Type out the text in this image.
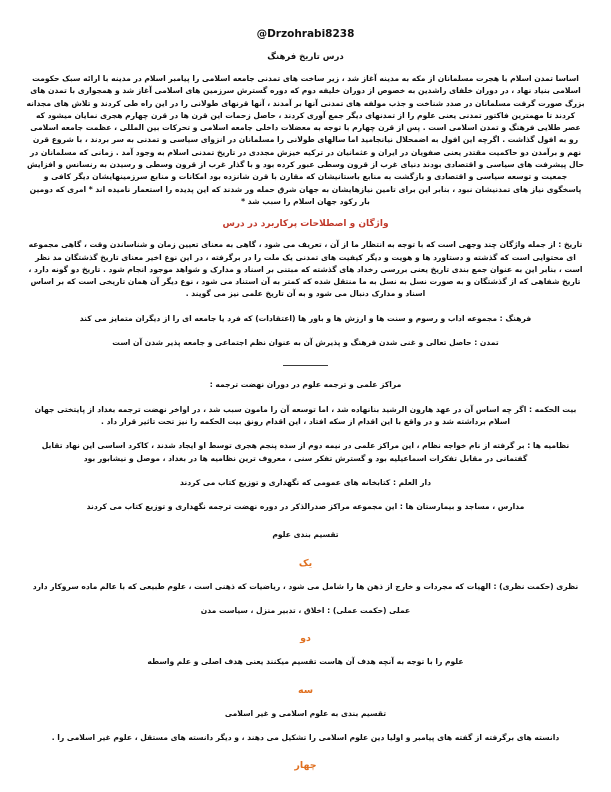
@Drzohrabi8238
درس تاریخ فرهنگ

اساسا تمدن اسلام با هجرت مسلمانان از مکه به مدینه آغاز شد ، زیر ساخت های تمدنی جامعه اسلامی را پیامبر اسلام در مدینه با ارائه سبک حکومت اسلامی بنیاد نهاد ، در دوران خلفای راشدین به خصوص از دوران خلیفه دوم که دوره گسترش سرزمین های اسلامی آغاز شد و همجواری با تمدن های بزرگ صورت گرفت مسلمانان در صدد شناخت و جذب مولفه های تمدنی آنها بر آمدند ، آنها قرنهای طولانی را در این راه طی کردند و تلاش های مجدانه کردند تا مهمترین فاکتور تمدنی یعنی علوم را از تمدنهای دیگر جمع آوری کردند ، حاصل زحمات این قرن ها در قرن چهارم هجری نمایان میشود که عصر طلایی فرهنگ و تمدن اسلامی است . پس از قرن چهارم با توجه به معضلات داخلی جامعه اسلامی و تحرکات بین المللی ، عظمت جامعه اسلامی رو به افول گذاشت . اگرچه این افول به اضمحلال نیانجامید اما سالهای طولانی را مسلمانان در انزوای سیاسی و تمدنی به سر بردند ، با شروع قرن نهم و برآمدن دو حاکمیت مقتدر یعنی صفویان در ایران و عثمانیان در ترکیه خیزش مجددی در تاریخ تمدنی اسلام به وجود آمد . زمانی که مسلمانان در حال پیشرفت های سیاسی و اقتصادی بودند دنیای غرب از قرون وسطی عبور کرده بود و با گذار غرب از قرون وسطی و رسیدن به رنسانس و افزایش جمعیت و توسعه سیاسی و اقتصادی و بازگشت به منابع باستانیشان که مقارن با قرن شانزده بود امکانات و منابع سرزمینهایشان دیگر کافی و پاسخگوی نیاز های تمدنیشان نبود ، بنابر این برای تامین نیازهایشان به جهان شرق حمله ور شدند که این پدیده را استعمار نامیده اند * امری که دومین بار رکود جهان اسلام را سبب شد *

واژگان و اصطلاحات پرکاربرد در درس

تاریخ : از جمله واژگان چند وجهی است که با توجه به انتظار ما از آن ، تعریف می شود ، گاهی به معنای تعیین زمان و شناساندن وقت ، گاهی مجموعه ای محتوایی است که گذشته و دستاورد ها و هویت و دیگر کیفیت های تمدنی یک ملت را در برگرفته ، در این نوع اخیر معنای تاریخ گذشتگان مد نظر است ، بنابر این به عنوان جمع بندی تاریخ یعنی بررسی رخداد های گذشته که مبتنی بر اسناد و مدارک و شواهد موجود انجام شود . تاریخ دو گونه دارد ، تاریخ شفاهی که از گذشتگان و به صورت نسل به نسل به ما منتقل شده که کمتر به آن استناد می شود ، نوع دیگر آن همان تاریخی است که بر اساس اسناد و مدارک دنبال می شود و به آن تاریخ علمی نیز می گویند .

فرهنگ : مجموعه اداب و رسوم و سنت ها و ارزش ها و باور ها (اعتقادات) که فرد یا جامعه ای را از دیگران متمایز می کند

تمدن : حاصل تعالی و غنی شدن فرهنگ و پذیرش آن به عنوان نظم اجتماعی و جامعه پذیر شدن آن است

__________

مراکز علمی و ترجمه علوم در دوران نهضت ترجمه :

بیت الحکمه : اگر چه اساس آن در عهد هارون الرشید بنانهاده شد ، اما توسعه آن را مامون سبب شد ، در اواخر نهضت ترجمه بغداد از پایتختی جهان اسلام برداشته شد و در واقع با این اقدام از سکه افتاد ، این اقدام رونق بیت الحکمه را نیز تحت تاثیر قرار داد .

نظامیه ها : بر گرفته از نام خواجه نظام ، این مراکز علمی در نیمه دوم از سده پنجم هجری توسط او ایجاد شدند ، کاکرد اساسی این نهاد تقابل گفتمانی در مقابل تفکرات اسماعیلیه بود و گسترش تفکر سنی ، معروف ترین نظامیه ها در بغداد ، موصل و نیشابور بود

دار العلم : کتابخانه های عمومی که نگهداری و توزیع کتاب می کردند

مدارس ، مساجد و بیمارستان ها : این مجموعه مراکز صدرالذکر در دوره نهضت ترجمه نگهداری و توزیع کتاب می کردند

تقسیم بندی علوم

یک

نظری (حکمت نظری) : الهیات که مجردات و خارج از ذهن ها را شامل می شود ، ریاضیات که ذهنی است ، علوم طبیعی که با عالم ماده سروکار دارد

عملی (حکمت عملی) : اخلاق ، تدبیر منزل ، سیاست مدن

دو

علوم را با توجه به آنچه هدف آن هاست تقسیم میکنند یعنی هدف اصلی و علم واسطه

سه

تقسیم بندی به علوم اسلامی و غیر اسلامی

دانسته های برگرفته از گفته های پیامبر و اولیا دین علوم اسلامی را تشکیل می دهند ، و دیگر دانسته های مستقل ، علوم غیر اسلامی را .

چهار
